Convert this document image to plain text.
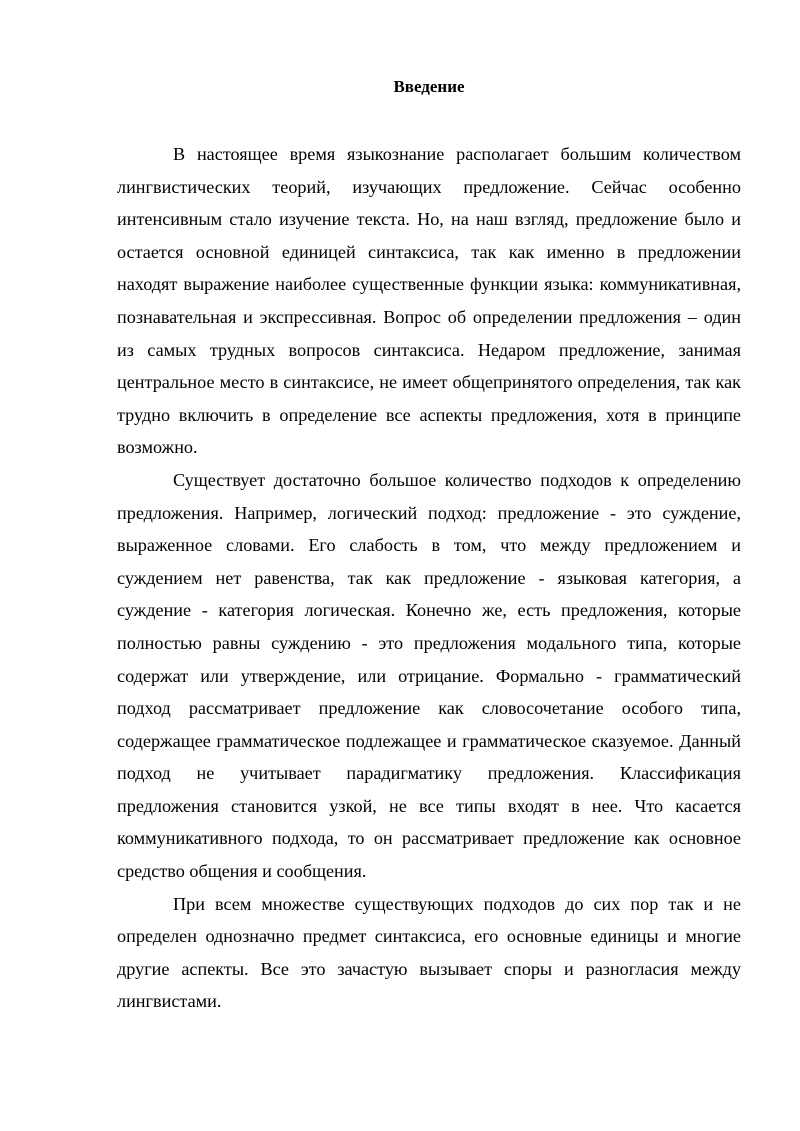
Введение

В настоящее время языкознание располагает большим количеством лингвистических теорий, изучающих предложение. Сейчас особенно интенсивным стало изучение текста. Но, на наш взгляд, предложение было и остается основной единицей синтаксиса, так как именно в предложении находят выражение наиболее существенные функции языка: коммуникативная, познавательная и экспрессивная. Вопрос об определении предложения – один из самых трудных вопросов синтаксиса. Недаром предложение, занимая центральное место в синтаксисе, не имеет общепринятого определения, так как трудно включить в определение все аспекты предложения, хотя в принципе возможно.

Существует достаточно большое количество подходов к определению предложения. Например, логический подход: предложение - это суждение, выраженное словами. Его слабость в том, что между предложением и суждением нет равенства, так как предложение - языковая категория, а суждение - категория логическая. Конечно же, есть предложения, которые полностью равны суждению - это предложения модального типа, которые содержат или утверждение, или отрицание. Формально - грамматический подход рассматривает предложение как словосочетание особого типа, содержащее грамматическое подлежащее и грамматическое сказуемое. Данный подход не учитывает парадигматику предложения. Классификация предложения становится узкой, не все типы входят в нее. Что касается коммуникативного подхода, то он рассматривает предложение как основное средство общения и сообщения.

При всем множестве существующих подходов до сих пор так и не определен однозначно предмет синтаксиса, его основные единицы и многие другие аспекты. Все это зачастую вызывает споры и разногласия между лингвистами.
